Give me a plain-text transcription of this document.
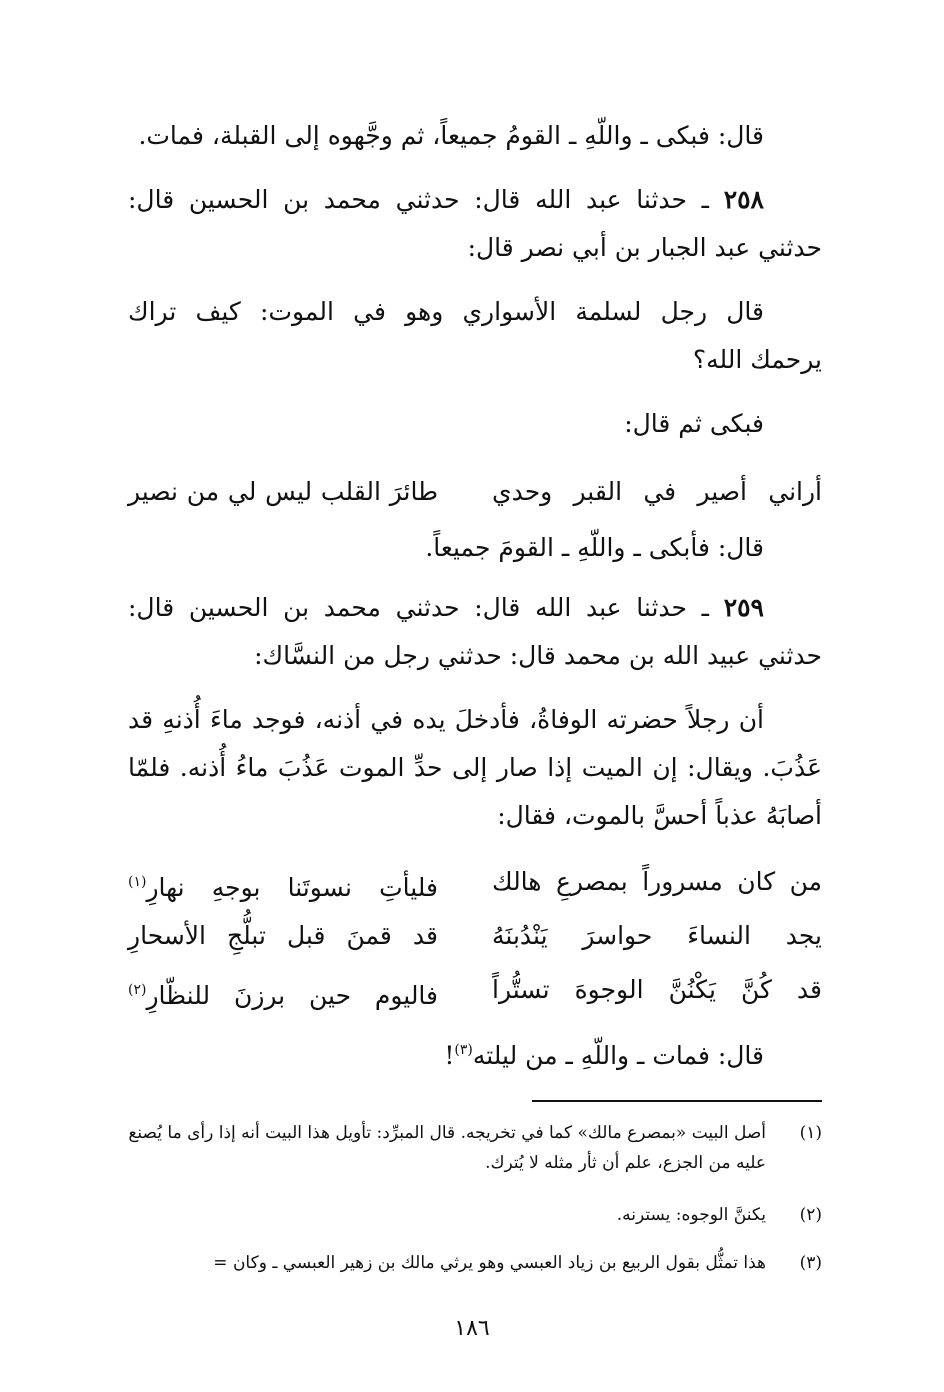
قال: فبكى ـ واللّهِ ـ القومُ جميعاً، ثم وجَّهوه إلى القبلة، فمات.
٢٥٨ ـ حدثنا عبد الله قال: حدثني محمد بن الحسين قال:
حدثني عبد الجبار بن أبي نصر قال:
قال رجل لسلمة الأسواري وهو في الموت: كيف تراك
يرحمك الله؟
فبكى ثم قال:
أراني أصير في القبر وحدي
طائرَ القلب ليس لي من نصير
قال: فأبكى ـ واللّهِ ـ القومَ جميعاً.
٢٥٩ ـ حدثنا عبد الله قال: حدثني محمد بن الحسين قال:
حدثني عبيد الله بن محمد قال: حدثني رجل من النسَّاك:
أن رجلاً حضرته الوفاةُ، فأدخلَ يده في أذنه، فوجد ماءَ أُذنهِ قد
عَذُبَ. ويقال: إن الميت إذا صار إلى حدِّ الموت عَذُبَ ماءُ أُذنه. فلمّا
أصابَهُ عذباً أحسَّ بالموت، فقال:
من كان مسروراً بمصرعِ هالك
فليأتِ نسوتَنا بوجهِ نهارِ$^{(١)}$
يجد النساءَ حواسرَ يَنْدُبنَهُ
قد قمنَ قبل تبلُّجِ الأسحارِ
قد كُنَّ يَكْنُنَّ الوجوهَ تستُّراً
فاليوم حين برزنَ للنظّارِ$^{(٢)}$
قال: فمات ـ واللّهِ ـ من ليلته$^{(٣)}$!
(١)
أصل البيت «بمصرع مالك» كما في تخريجه. قال المبرِّد: تأويل هذا البيت أنه إذا رأى ما يُصنع عليه من الجزع، علم أن ثأر مثله لا يُترك.
(٢)
يكننَّ الوجوه: يسترنه.
(٣)
هذا تمثُّل بقول الربيع بن زياد العبسي وهو يرثي مالك بن زهير العبسي ـ وكان =
١٨٦
